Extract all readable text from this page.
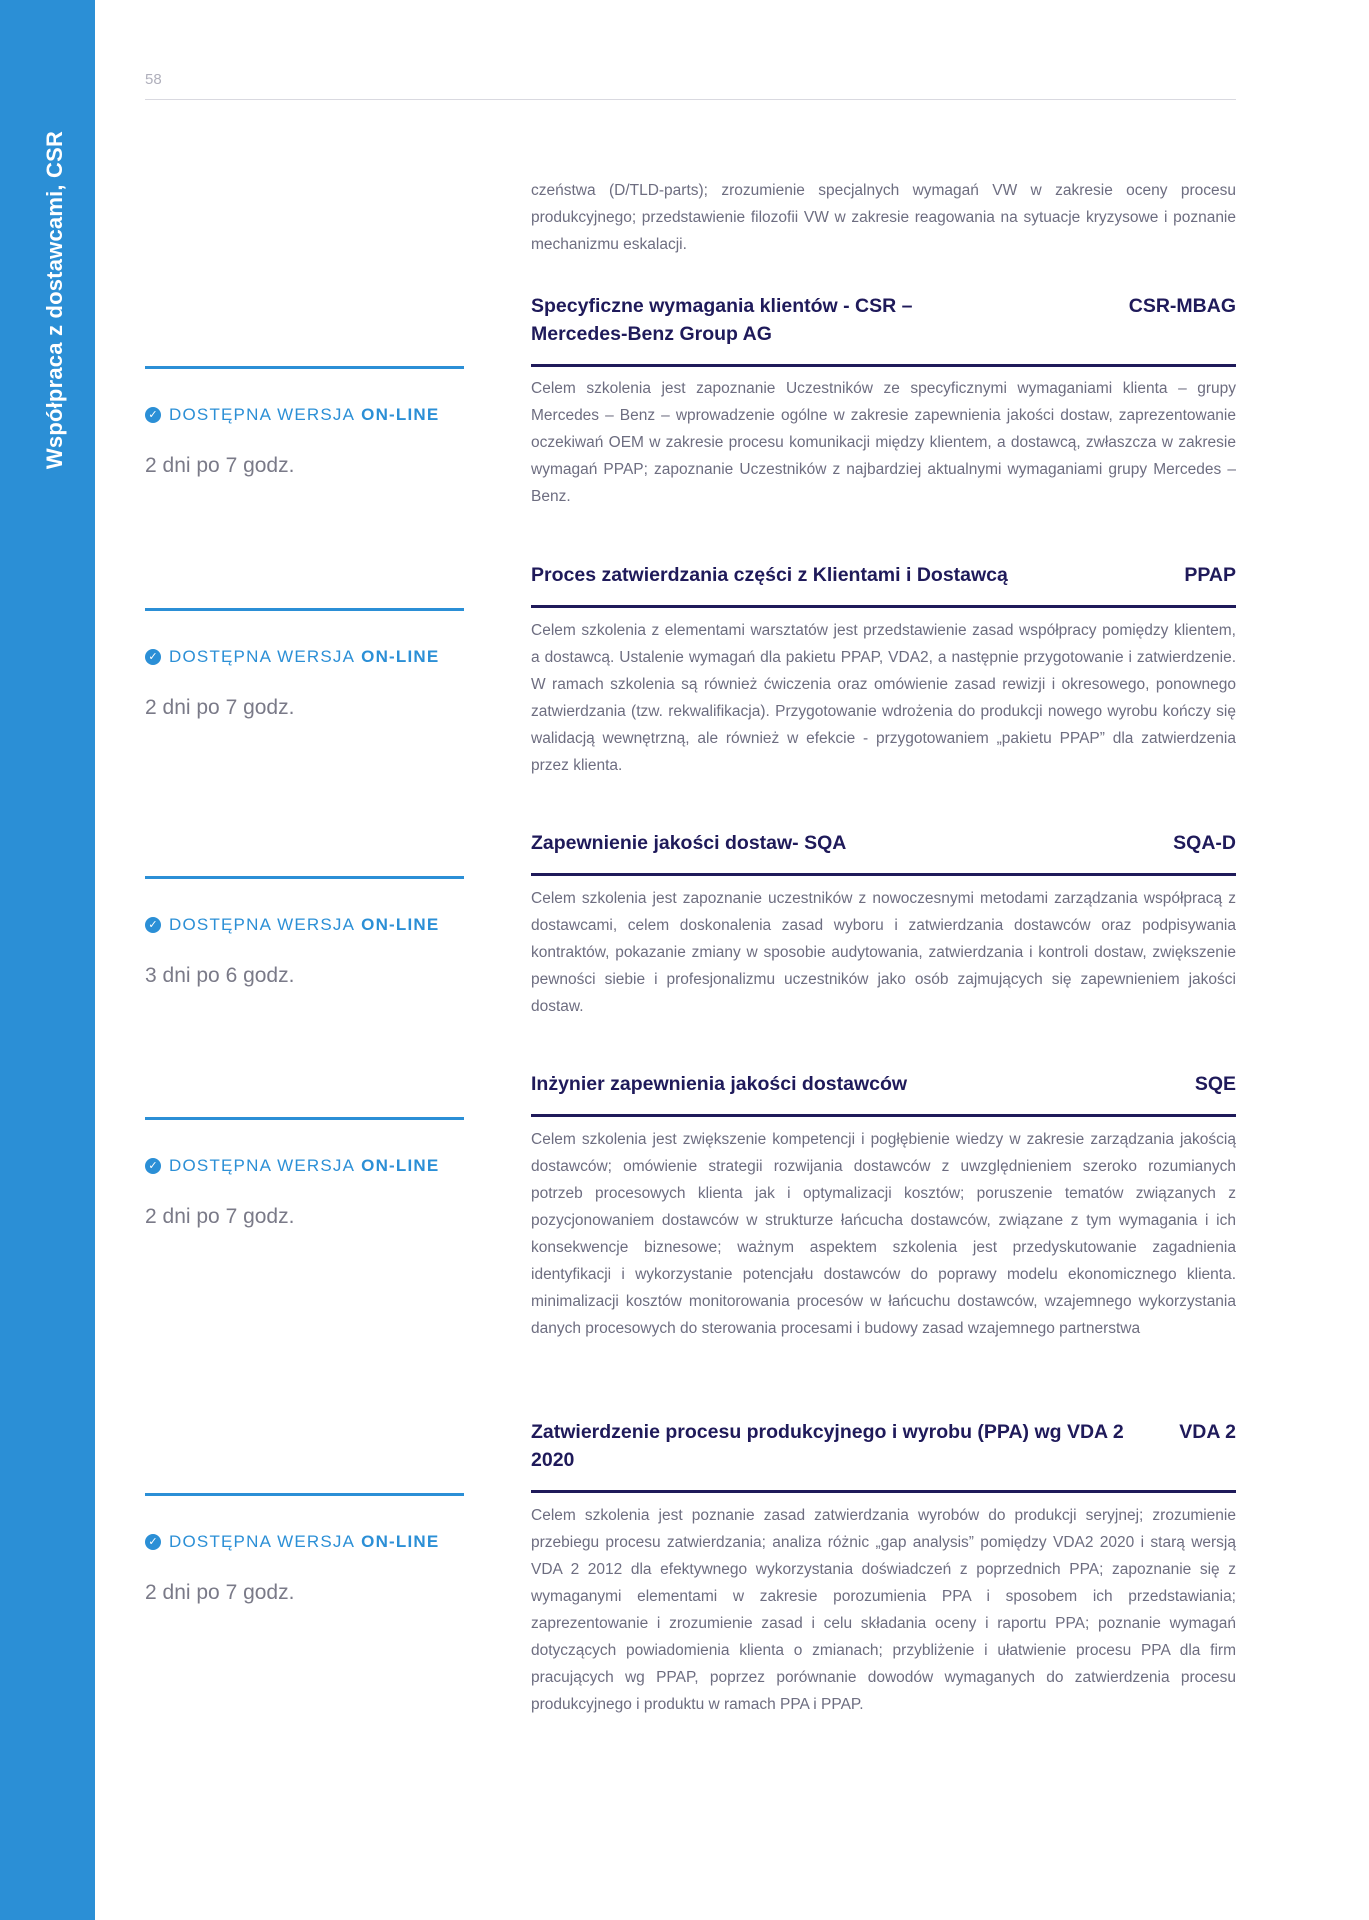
Współpraca z dostawcami, CSR
58

czeństwa (D/TLD-parts); zrozumienie specjalnych wymagań VW w zakresie oceny procesu produkcyjnego; przedstawienie filozofii VW w zakresie reagowania na sytuacje kryzysowe i poznanie mechanizmu eskalacji.

Specyficzne wymagania klientów - CSR – Mercedes-Benz Group AG
CSR-MBAG
✓ DOSTĘPNA WERSJA ON-LINE
2 dni po 7 godz.

Celem szkolenia jest zapoznanie Uczestników ze specyficznymi wymaganiami klienta – grupy Mercedes – Benz – wprowadzenie ogólne w zakresie zapewnienia jakości dostaw, zaprezentowanie oczekiwań OEM w zakresie procesu komunikacji między klientem, a dostawcą, zwłaszcza w zakresie wymagań PPAP; zapoznanie Uczestników z najbardziej aktualnymi wymaganiami grupy Mercedes – Benz.

Proces zatwierdzania części z Klientami i Dostawcą	PPAP
✓ DOSTĘPNA WERSJA ON-LINE
2 dni po 7 godz.

Celem szkolenia z elementami warsztatów jest przedstawienie zasad współpracy pomiędzy klientem, a dostawcą. Ustalenie wymagań dla pakietu PPAP, VDA2, a następnie przygotowanie i zatwierdzenie. W ramach szkolenia są również ćwiczenia oraz omówienie zasad rewizji i okresowego, ponownego zatwierdzania (tzw. rekwalifikacja). Przygotowanie wdrożenia do produkcji nowego wyrobu kończy się walidacją wewnętrzną, ale również w efekcie - przygotowaniem „pakietu PPAP” dla zatwierdzenia przez klienta.

Zapewnienie jakości dostaw- SQA	SQA-D
✓ DOSTĘPNA WERSJA ON-LINE
3 dni po 6 godz.

Celem szkolenia jest zapoznanie uczestników z nowoczesnymi metodami zarządzania współpracą z dostawcami, celem doskonalenia zasad wyboru i zatwierdzania dostawców oraz podpisywania kontraktów, pokazanie zmiany w sposobie audytowania, zatwierdzania i kontroli dostaw, zwiększenie pewności siebie i profesjonalizmu uczestników jako osób zajmujących się zapewnieniem jakości dostaw.

Inżynier zapewnienia jakości dostawców	SQE
✓ DOSTĘPNA WERSJA ON-LINE
2 dni po 7 godz.

Celem szkolenia jest zwiększenie kompetencji i pogłębienie wiedzy w zakresie zarządzania jakością dostawców; omówienie strategii rozwijania dostawców z uwzględnieniem szeroko rozumianych potrzeb procesowych klienta jak i optymalizacji kosztów; poruszenie tematów związanych z pozycjonowaniem dostawców w strukturze łańcucha dostawców, związane z tym wymagania i ich konsekwencje biznesowe; ważnym aspektem szkolenia jest przedyskutowanie zagadnienia identyfikacji i wykorzystanie potencjału dostawców do poprawy modelu ekonomicznego klienta. minimalizacji kosztów monitorowania procesów w łańcuchu dostawców, wzajemnego wykorzystania danych procesowych do sterowania procesami i budowy zasad wzajemnego partnerstwa

Zatwierdzenie procesu produkcyjnego i wyrobu (PPA) wg VDA 2 2020
VDA 2
✓ DOSTĘPNA WERSJA ON-LINE
2 dni po 7 godz.

Celem szkolenia jest poznanie zasad zatwierdzania wyrobów do produkcji seryjnej; zrozumienie przebiegu procesu zatwierdzania; analiza różnic „gap analysis” pomiędzy VDA2 2020 i starą wersją VDA 2 2012 dla efektywnego wykorzystania doświadczeń z poprzednich PPA; zapoznanie się z wymaganymi elementami w zakresie porozumienia PPA i sposobem ich przedstawiania; zaprezentowanie i zrozumienie zasad i celu składania oceny i raportu PPA; poznanie wymagań dotyczących powiadomienia klienta o zmianach; przybliżenie i ułatwienie procesu PPA dla firm pracujących wg PPAP, poprzez porównanie dowodów wymaganych do zatwierdzenia procesu produkcyjnego i produktu w ramach PPA i PPAP.
